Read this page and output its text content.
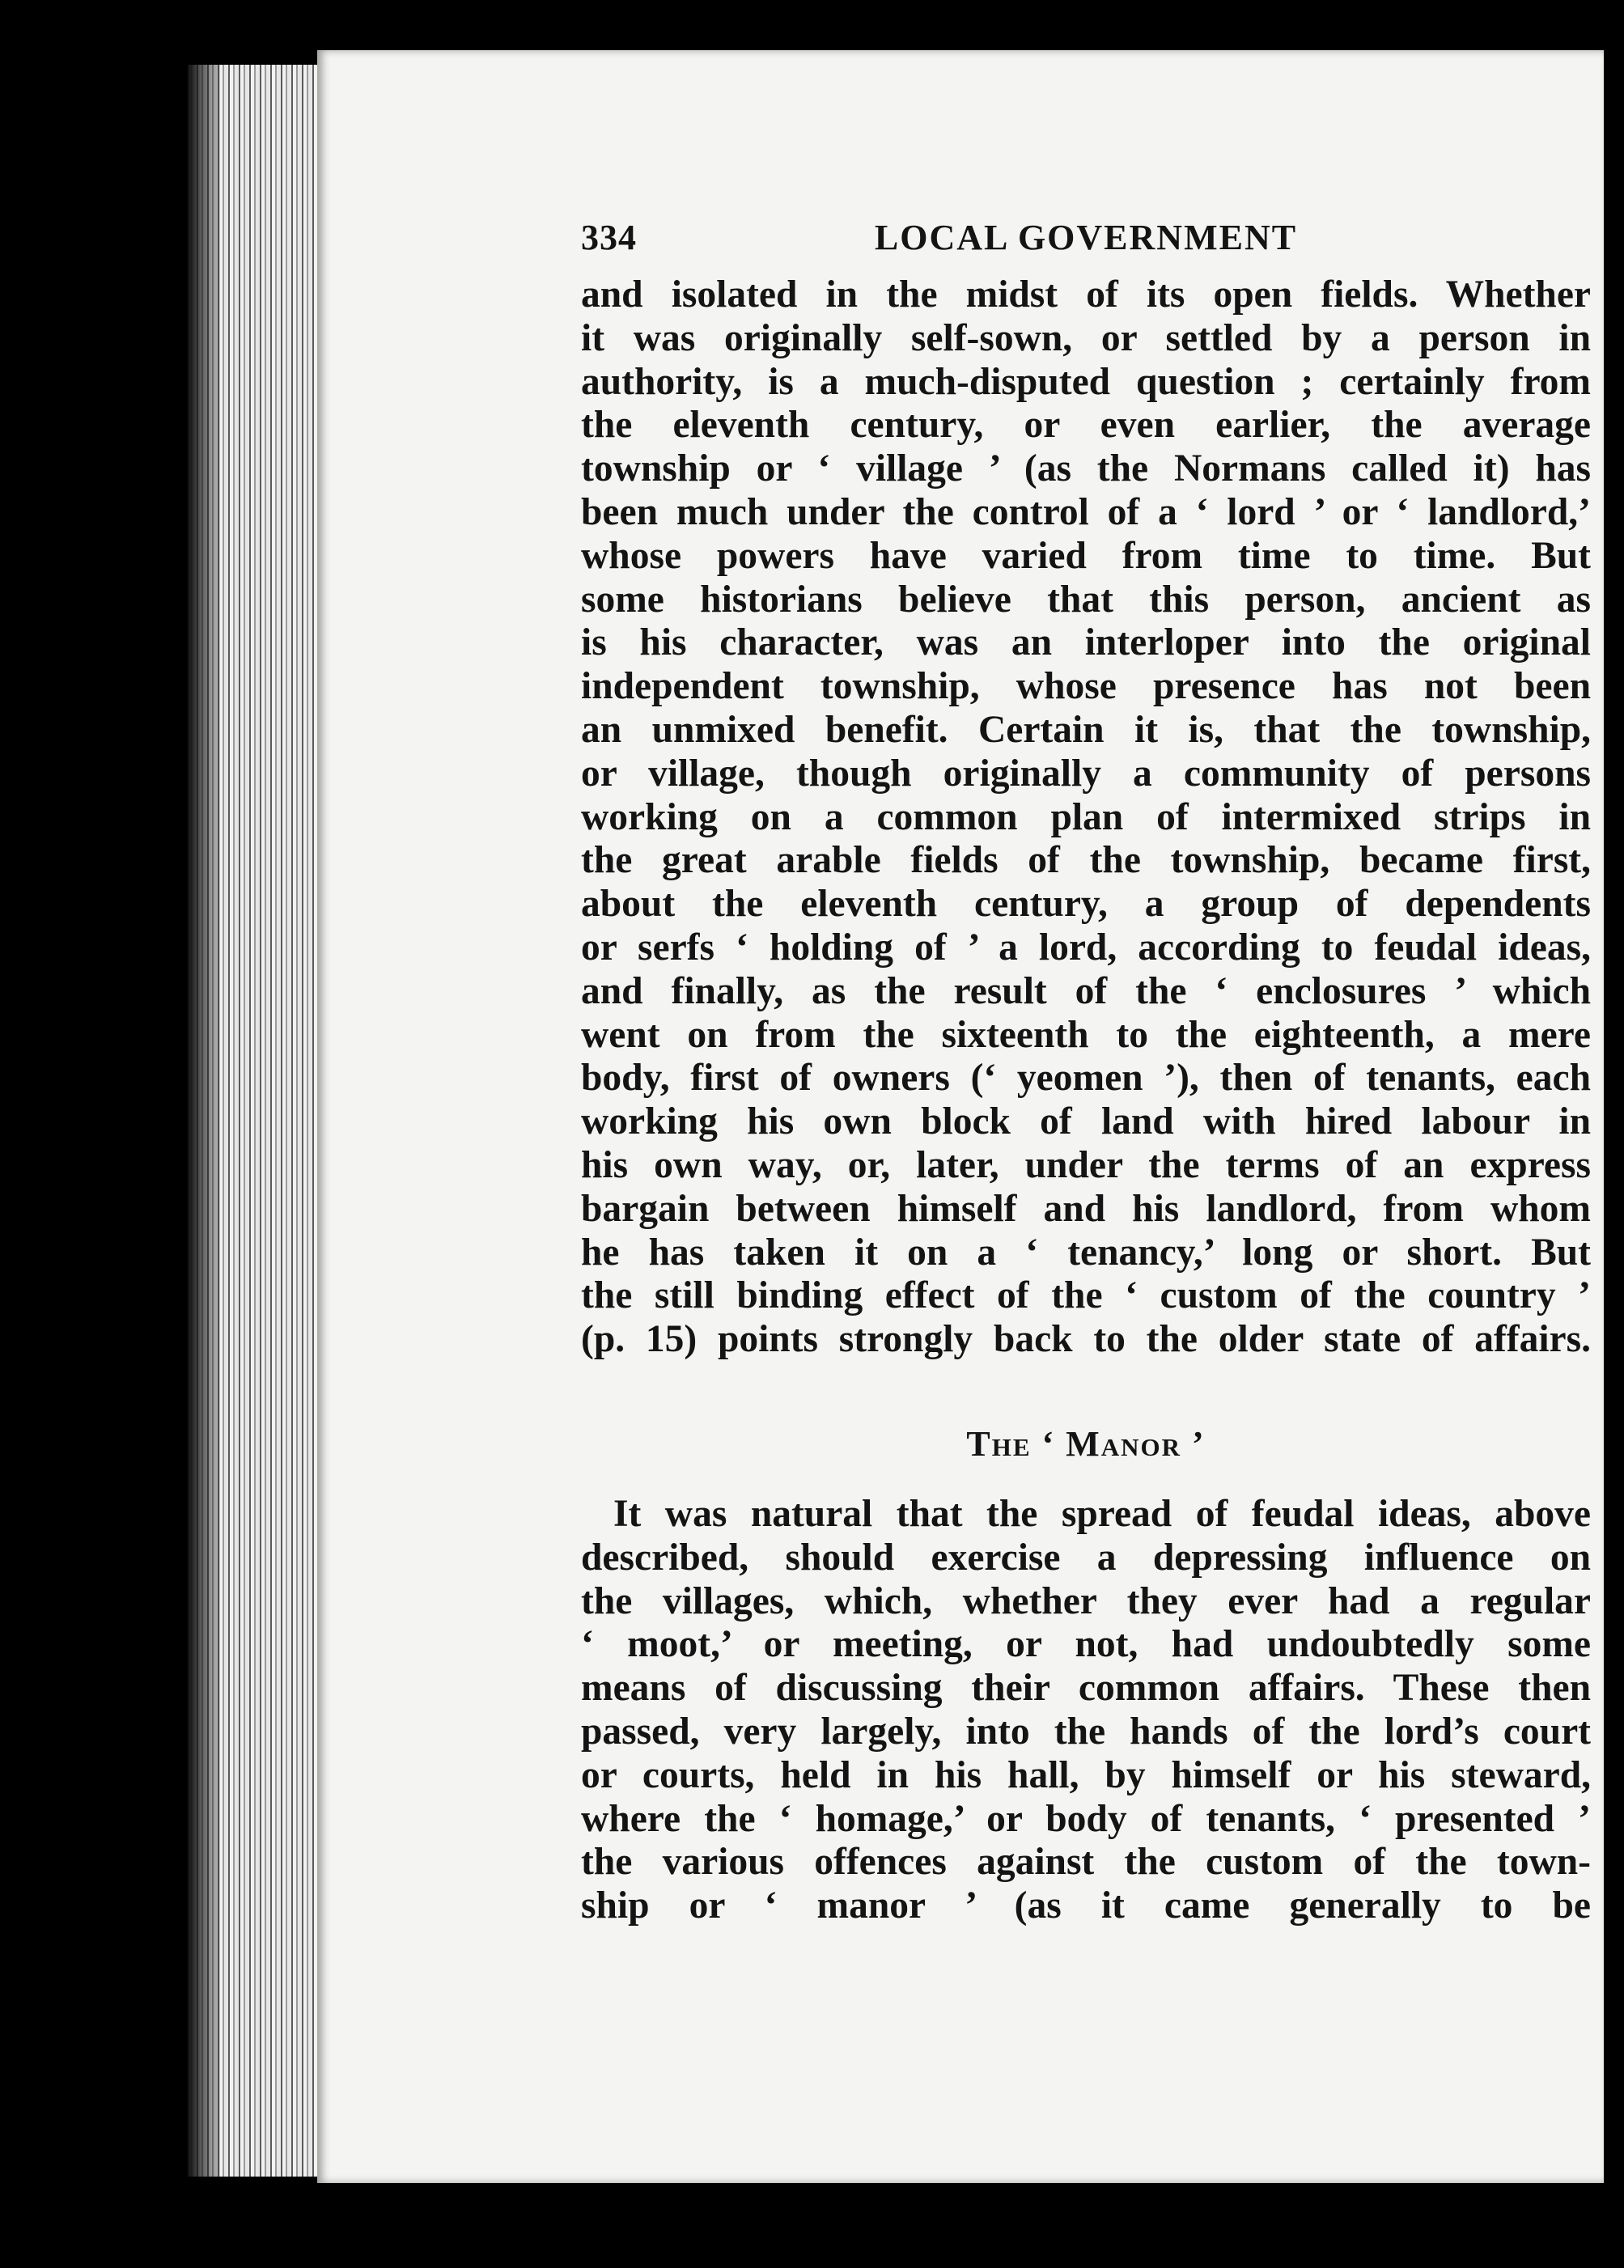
334	LOCAL GOVERNMENT
and isolated in the midst of its open fields. Whether
it was originally self-sown, or settled by a person in
authority, is a much-disputed question ; certainly from
the eleventh century, or even earlier, the average
township or ‘ village ’ (as the Normans called it) has
been much under the control of a ‘ lord ’ or ‘ landlord,’
whose powers have varied from time to time. But
some historians believe that this person, ancient as
is his character, was an interloper into the original
independent township, whose presence has not been
an unmixed benefit. Certain it is, that the township,
or village, though originally a community of persons
working on a common plan of intermixed strips in
the great arable fields of the township, became first,
about the eleventh century, a group of dependents
or serfs ‘ holding of ’ a lord, according to feudal ideas,
and finally, as the result of the ‘ enclosures ’ which
went on from the sixteenth to the eighteenth, a mere
body, first of owners (‘ yeomen ’), then of tenants, each
working his own block of land with hired labour in
his own way, or, later, under the terms of an express
bargain between himself and his landlord, from whom
he has taken it on a ‘ tenancy,’ long or short. But
the still binding effect of the ‘ custom of the country ’
(p. 15) points strongly back to the older state of affairs.
The ‘ Manor ’
It was natural that the spread of feudal ideas, above
described, should exercise a depressing influence on
the villages, which, whether they ever had a regular
‘ moot,’ or meeting, or not, had undoubtedly some
means of discussing their common affairs. These then
passed, very largely, into the hands of the lord’s court
or courts, held in his hall, by himself or his steward,
where the ‘ homage,’ or body of tenants, ‘ presented ’
the various offences against the custom of the town-
ship or ‘ manor ’ (as it came generally to be
